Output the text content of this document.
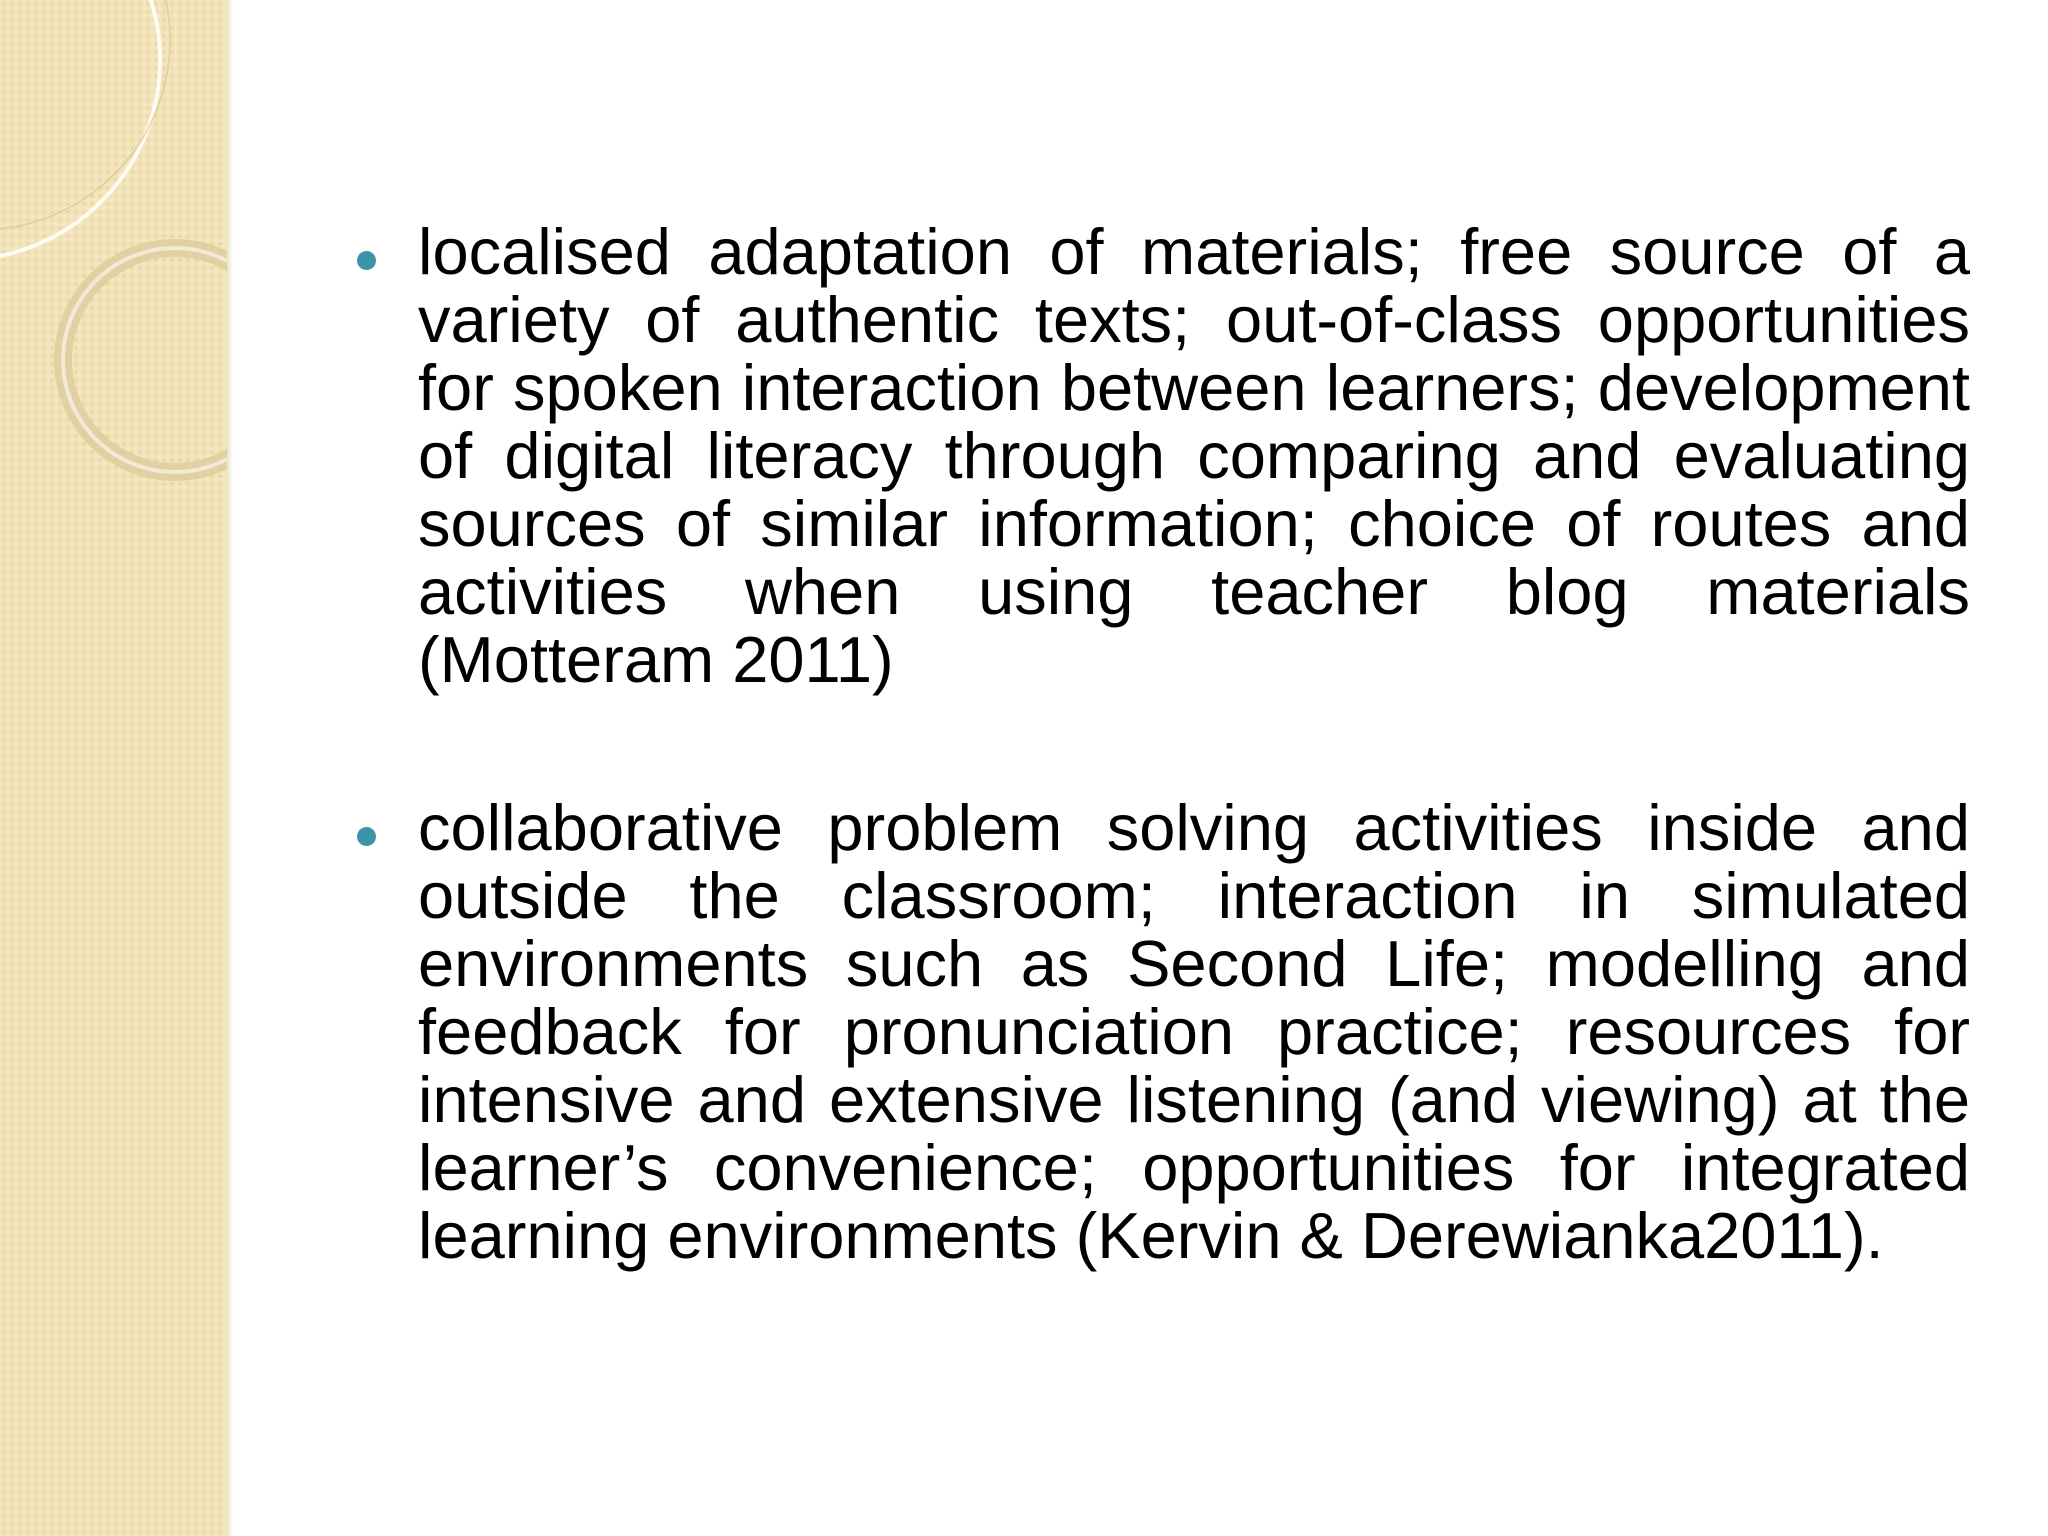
localised adaptation of materials; free source of a variety of authentic texts; out-of-class opportunities for spoken interaction between learners; development of digital literacy through comparing and evaluating sources of similar information; choice of routes and activities when using teacher blog materials (Motteram 2011)

collaborative problem solving activities inside and outside the classroom; interaction in simulated environments such as Second Life; modelling and feedback for pronunciation practice; resources for intensive and extensive listening (and viewing) at the learner’s convenience; opportunities for integrated learning environments (Kervin & Derewianka2011).
